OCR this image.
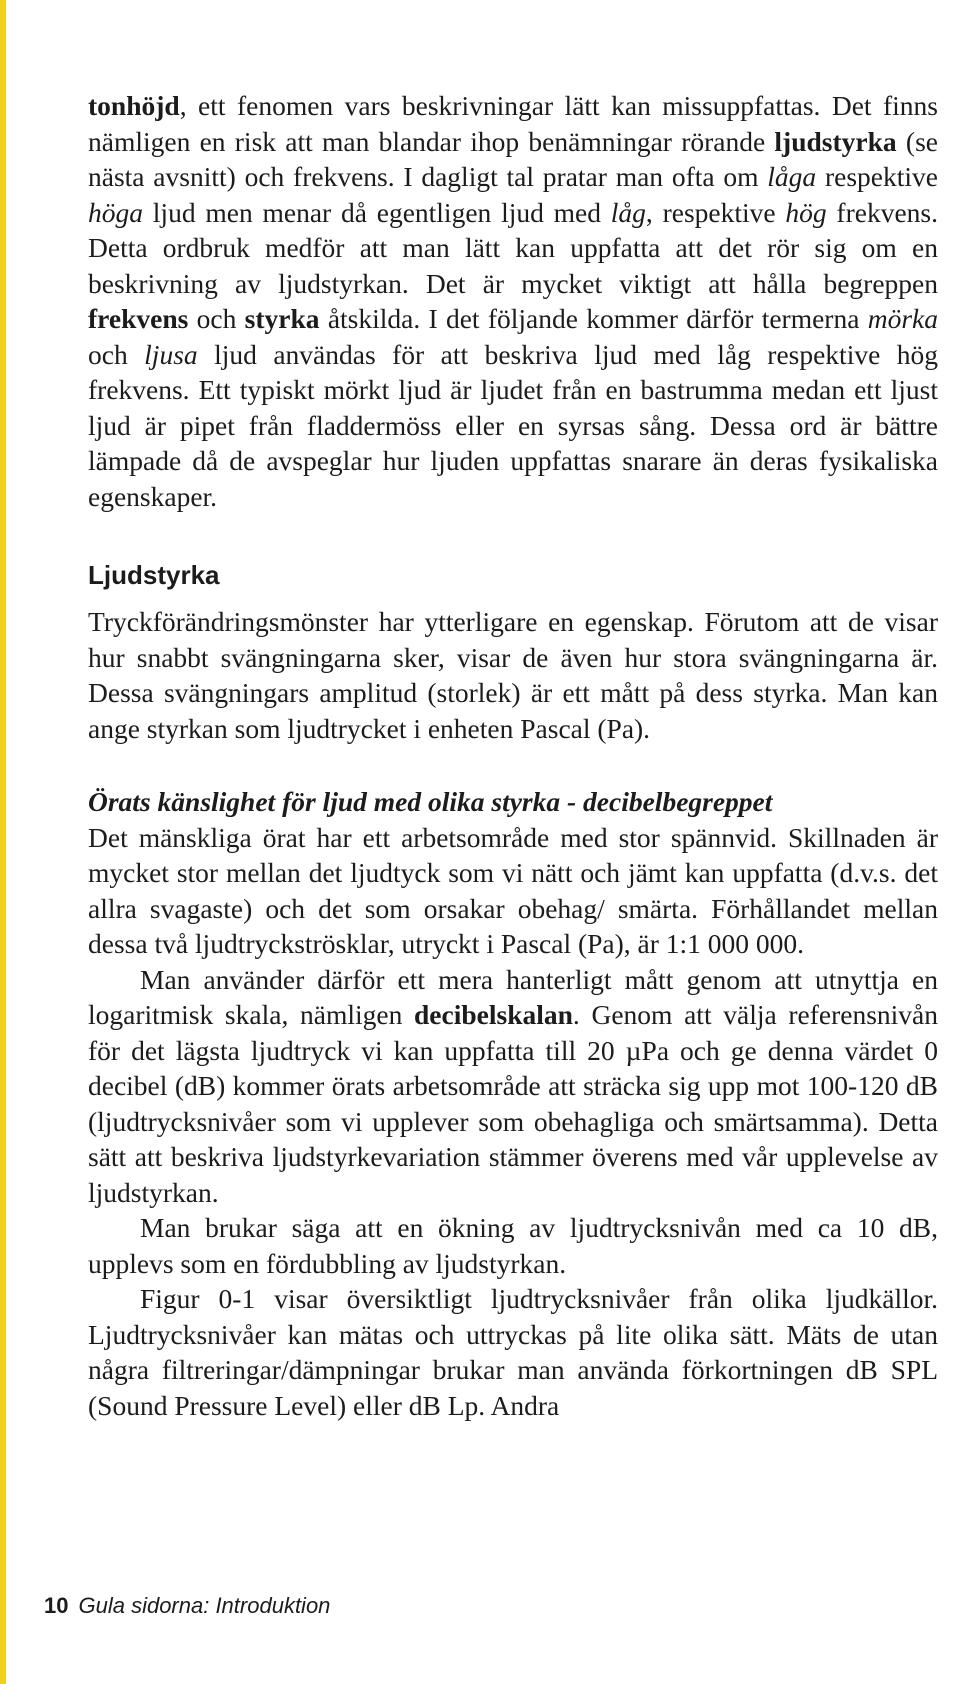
tonhöjd, ett fenomen vars beskrivningar lätt kan missuppfattas. Det finns nämligen en risk att man blandar ihop benämningar rörande ljudstyrka (se nästa avsnitt) och frekvens. I dagligt tal pratar man ofta om låga respektive höga ljud men menar då egentligen ljud med låg, respektive hög frekvens. Detta ordbruk medför att man lätt kan uppfatta att det rör sig om en beskrivning av ljudstyrkan. Det är mycket viktigt att hålla begreppen frekvens och styrka åtskilda. I det följande kommer därför termerna mörka och ljusa ljud användas för att beskriva ljud med låg respektive hög frekvens. Ett typiskt mörkt ljud är ljudet från en bastrumma medan ett ljust ljud är pipet från fladdermöss eller en syrsas sång. Dessa ord är bättre lämpade då de avspeglar hur ljuden uppfattas snarare än deras fysikaliska egenskaper.

Ljudstyrka

Tryckförändringsmönster har ytterligare en egenskap. Förutom att de visar hur snabbt svängningarna sker, visar de även hur stora svängningarna är. Dessa svängningars amplitud (storlek) är ett mått på dess styrka. Man kan ange styrkan som ljudtrycket i enheten Pascal (Pa).

Örats känslighet för ljud med olika styrka - decibelbegreppet

Det mänskliga örat har ett arbetsområde med stor spännvid. Skillnaden är mycket stor mellan det ljudtyck som vi nätt och jämt kan uppfatta (d.v.s. det allra svagaste) och det som orsakar obehag/ smärta. Förhållandet mellan dessa två ljudtryckströsklar, utryckt i Pascal (Pa), är 1:1 000 000.

Man använder därför ett mera hanterligt mått genom att utnyttja en logaritmisk skala, nämligen decibelskalan. Genom att välja referensnivån för det lägsta ljudtryck vi kan uppfatta till 20 µPa och ge denna värdet 0 decibel (dB) kommer örats arbetsområde att sträcka sig upp mot 100-120 dB (ljudtrycksnivåer som vi upplever som obehagliga och smärtsamma). Detta sätt att beskriva ljudstyrkevariation stämmer överens med vår upplevelse av ljudstyrkan.

Man brukar säga att en ökning av ljudtrycksnivån med ca 10 dB, upplevs som en fördubbling av ljudstyrkan.

Figur 0-1 visar översiktligt ljudtrycksnivåer från olika ljudkällor. Ljudtrycksnivåer kan mätas och uttryckas på lite olika sätt. Mäts de utan några filtreringar/dämpningar brukar man använda förkortningen dB SPL (Sound Pressure Level) eller dB Lp. Andra

10 Gula sidorna: Introduktion
